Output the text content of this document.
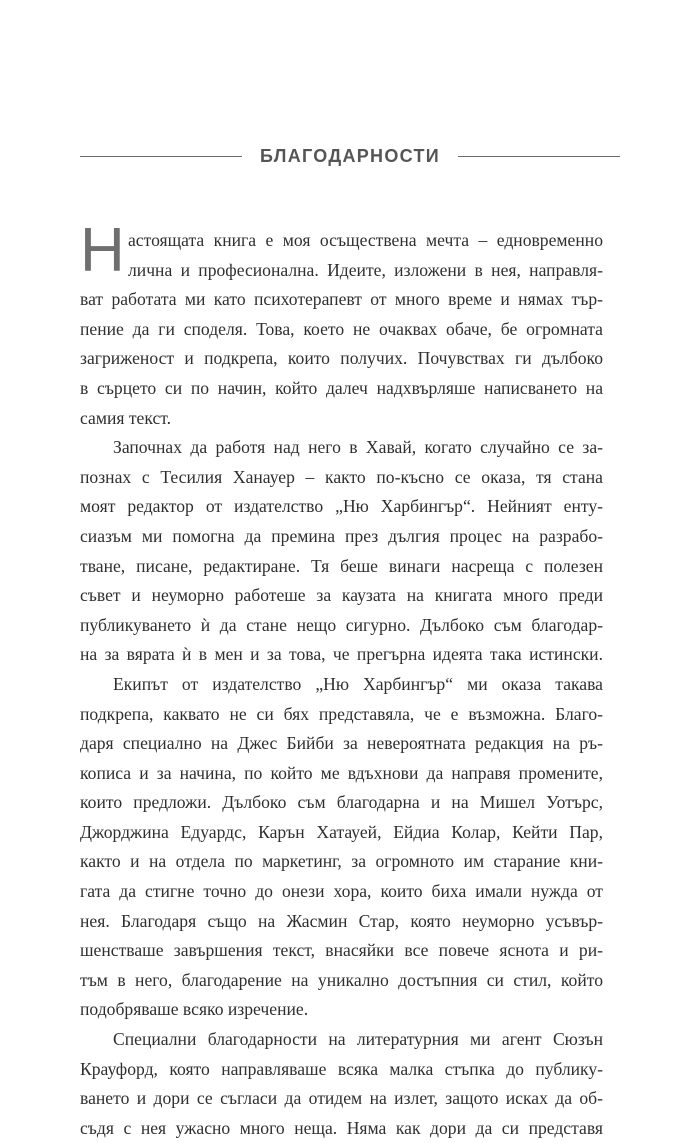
БЛАГОДАРНОСТИ
Н астоящата книга е моя осъществена мечта – едновременно
лична и професионална. Идеите, изложени в нея, направля-
ват работата ми като психотерапевт от много време и нямах тър-
пение да ги споделя. Това, което не очаквах обаче, бе огромната
загриженост и подкрепа, които получих. Почувствах ги дълбоко
в сърцето си по начин, който далеч надхвърляше написването на
самия текст.
Започнах да работя над него в Хавай, когато случайно се за-
познах с Тесилия Ханауер – както по-късно се оказа, тя стана
моят редактор от издателство „Ню Харбингър“. Нейният енту-
сиазъм ми помогна да премина през дългия процес на разрабо-
тване, писане, редактиране. Тя беше винаги насреща с полезен
съвет и неуморно работеше за каузата на книгата много преди
публикуването ѝ да стане нещо сигурно. Дълбоко съм благодар-
на за вярата ѝ в мен и за това, че прегърна идеята така истински.
Екипът от издателство „Ню Харбингър“ ми оказа такава
подкрепа, каквато не си бях представяла, че е възможна. Благо-
даря специално на Джес Бийби за невероятната редакция на ръ-
кописа и за начина, по който ме вдъхнови да направя промените,
които предложи. Дълбоко съм благодарна и на Мишел Уотърс,
Джорджина Едуардс, Карън Хатауей, Ейдиа Колар, Кейти Пар,
както и на отдела по маркетинг, за огромното им старание кни-
гата да стигне точно до онези хора, които биха имали нужда от
нея. Благодаря също на Жасмин Стар, която неуморно усъвър-
шенстваше завършения текст, внасяйки все повече яснота и ри-
тъм в него, благодарение на уникално достъпния си стил, който
подобряваше всяко изречение.
Специални благодарности на литературния ми агент Сюзън
Крауфорд, която направляваше всяка малка стъпка до публику-
ването и дори се съгласи да отидем на излет, защото исках да об-
съдя с нея ужасно много неща. Няма как дори да си представя
